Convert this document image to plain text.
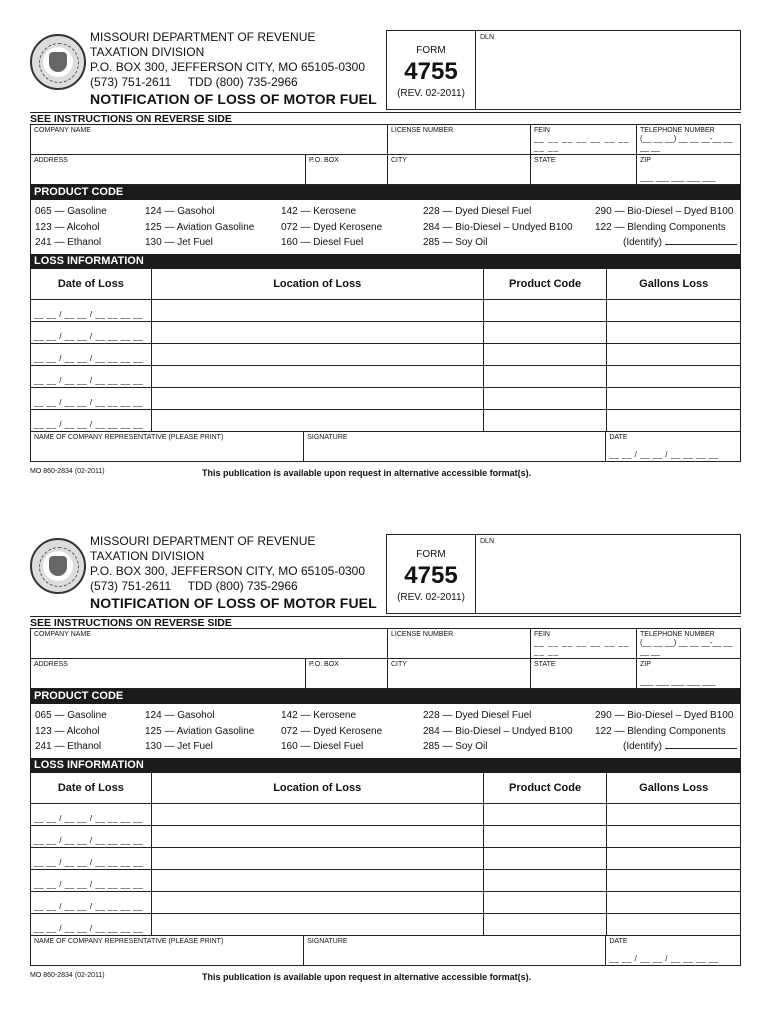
MISSOURI DEPARTMENT OF REVENUE
TAXATION DIVISION
P.O. BOX 300, JEFFERSON CITY, MO 65105-0300
(573) 751-2611     TDD (800) 735-2966
NOTIFICATION OF LOSS OF MOTOR FUEL
FORM
4755
(REV. 02-2011)
DLN
SEE INSTRUCTIONS ON REVERSE SIDE
COMPANY NAME	LICENSE NUMBER	FEIN
__ __ __ __ __ __ __ __ __
TELEPHONE NUMBER
(__ __ __) __ __ __-__ __ __ __
ADDRESS	P.O. BOX	CITY	STATE	ZIP
___ ___ ___ ___ ___
PRODUCT CODE
065 — Gasoline	124 — Gasohol	142 — Kerosene	228 — Dyed Diesel Fuel	290 — Bio-Diesel – Dyed B100
123 — Alcohol	125 — Aviation Gasoline	072 — Dyed Kerosene	284 — Bio-Diesel – Undyed B100	122 — Blending Components
241 — Ethanol	130 — Jet Fuel	160 — Diesel Fuel	285 — Soy Oil	(Identify)
LOSS INFORMATION
Date of Loss	Location of Loss	Product Code	Gallons Loss
__ __ / __ __ / __ __ __ __
__ __ / __ __ / __ __ __ __
__ __ / __ __ / __ __ __ __
__ __ / __ __ / __ __ __ __
__ __ / __ __ / __ __ __ __
__ __ / __ __ / __ __ __ __
NAME OF COMPANY REPRESENTATIVE (PLEASE PRINT)	SIGNATURE	DATE
__ __ / __ __ / __ __ __ __
MO 860-2834 (02-2011)	This publication is available upon request in alternative accessible format(s).
MISSOURI DEPARTMENT OF REVENUE
TAXATION DIVISION
P.O. BOX 300, JEFFERSON CITY, MO 65105-0300
(573) 751-2611     TDD (800) 735-2966
NOTIFICATION OF LOSS OF MOTOR FUEL
FORM
4755
(REV. 02-2011)
DLN
SEE INSTRUCTIONS ON REVERSE SIDE
COMPANY NAME	LICENSE NUMBER	FEIN
__ __ __ __ __ __ __ __ __
TELEPHONE NUMBER
(__ __ __) __ __ __-__ __ __ __
ADDRESS	P.O. BOX	CITY	STATE	ZIP
___ ___ ___ ___ ___
PRODUCT CODE
065 — Gasoline	124 — Gasohol	142 — Kerosene	228 — Dyed Diesel Fuel	290 — Bio-Diesel – Dyed B100
123 — Alcohol	125 — Aviation Gasoline	072 — Dyed Kerosene	284 — Bio-Diesel – Undyed B100	122 — Blending Components
241 — Ethanol	130 — Jet Fuel	160 — Diesel Fuel	285 — Soy Oil	(Identify)
LOSS INFORMATION
Date of Loss	Location of Loss	Product Code	Gallons Loss
__ __ / __ __ / __ __ __ __
__ __ / __ __ / __ __ __ __
__ __ / __ __ / __ __ __ __
__ __ / __ __ / __ __ __ __
__ __ / __ __ / __ __ __ __
__ __ / __ __ / __ __ __ __
NAME OF COMPANY REPRESENTATIVE (PLEASE PRINT)	SIGNATURE	DATE
__ __ / __ __ / __ __ __ __
MO 860-2834 (02-2011)	This publication is available upon request in alternative accessible format(s).
